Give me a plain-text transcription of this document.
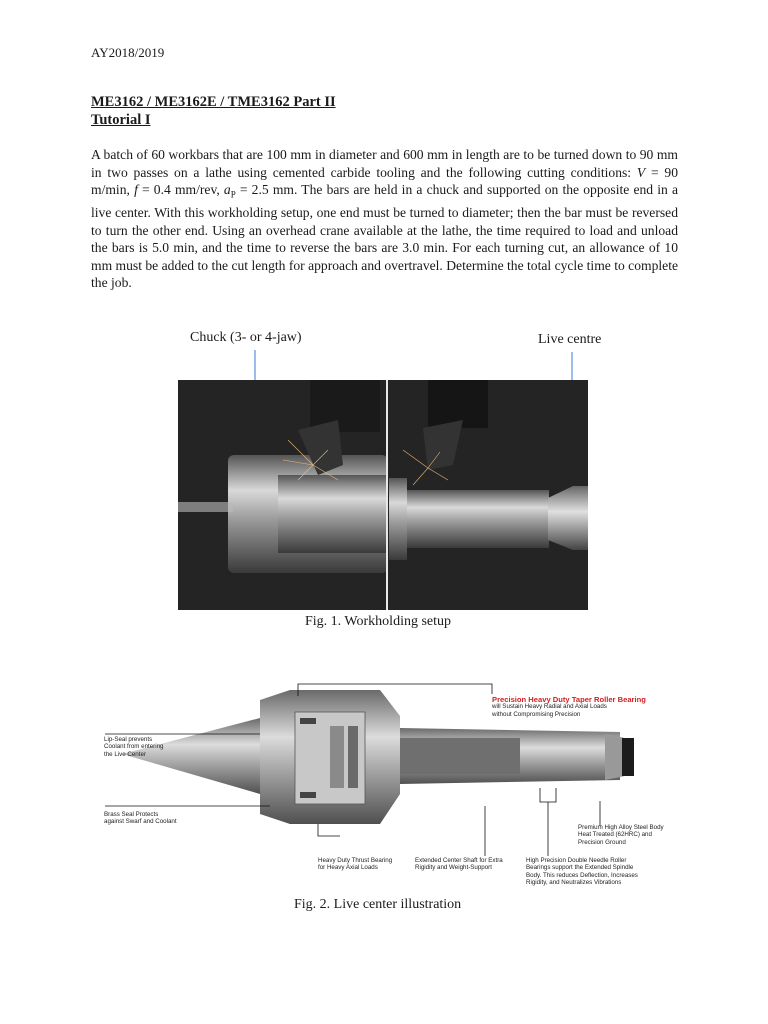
AY2018/2019
ME3162 / ME3162E / TME3162 Part II
Tutorial I
A batch of 60 workbars that are 100 mm in diameter and 600 mm in length are to be turned down to 90 mm in two passes on a lathe using cemented carbide tooling and the following cutting conditions: V = 90 m/min, f = 0.4 mm/rev, $a_P = 2.5$ mm. The bars are held in a chuck and supported on the opposite end in a live center. With this workholding setup, one end must be turned to diameter; then the bar must be reversed to turn the other end. Using an overhead crane available at the lathe, the time required to load and unload the bars is 5.0 min, and the time to reverse the bars are 3.0 min. For each turning cut, an allowance of 10 mm must be added to the cut length for approach and overtravel. Determine the total cycle time to complete the job.
Chuck (3- or 4-jaw)	Live centre
Fig. 1. Workholding setup
Precision Heavy Duty Taper Roller Bearing
will Sustain Heavy Radial and Axial Loads
without Compromising Precision
Lip-Seal prevents
Coolant from entering
the Live Center
Brass Seal Protects
against Swarf and Coolant
Heavy Duty Thrust Bearing
for Heavy Axial Loads
Extended Center Shaft for Extra
Rigidity and Weight-Support
High Precision Double Needle Roller
Bearings support the Extended Spindle
Body. This reduces Deflection, Increases
Rigidity, and Neutralizes Vibrations
Premium High Alloy Steel Body
Heat Treated (62HRC) and
Precision Ground
Fig. 2. Live center illustration
